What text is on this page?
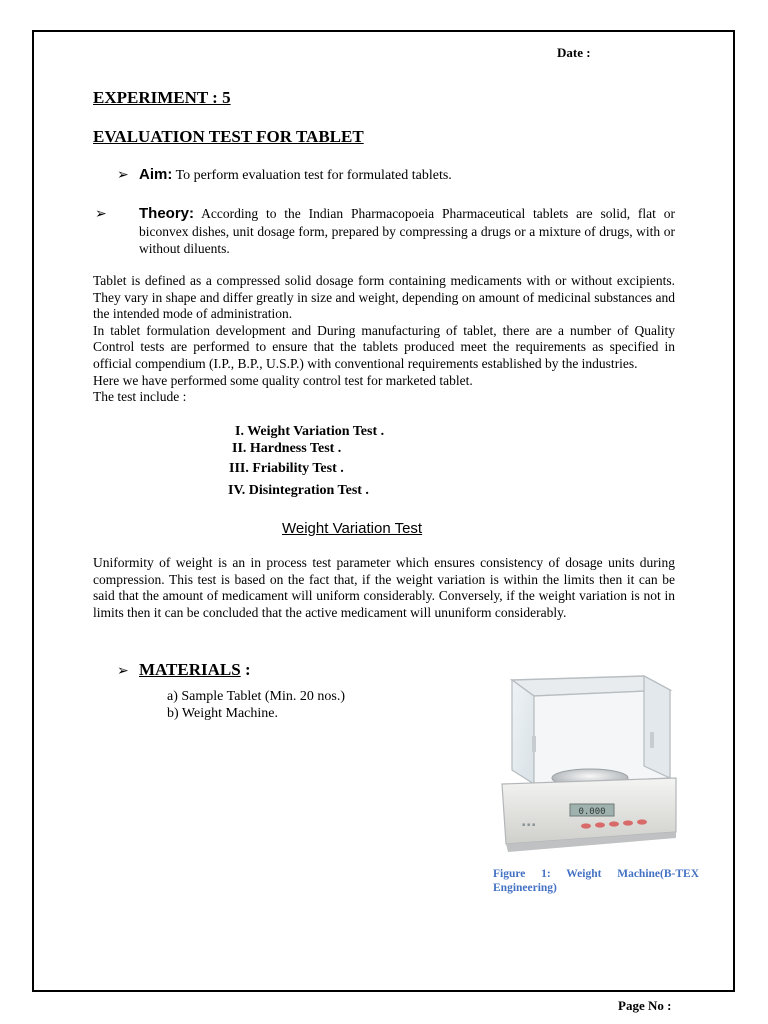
Date :
EXPERIMENT : 5
EVALUATION TEST FOR TABLET
➢ Aim: To perform evaluation test for formulated tablets.
➢ Theory: According to the Indian Pharmacopoeia Pharmaceutical tablets are solid, flat or biconvex dishes, unit dosage form, prepared by compressing a drugs or a mixture of drugs, with or without diluents.
Tablet is defined as a compressed solid dosage form containing medicaments with or without excipients. They vary in shape and differ greatly in size and weight, depending on amount of medicinal substances and the intended mode of administration.
In tablet formulation development and During manufacturing of tablet, there are a number of Quality Control tests are performed to ensure that the tablets produced meet the requirements as specified in official compendium (I.P., B.P., U.S.P.) with conventional requirements established by the industries.
Here we have performed some quality control test for marketed tablet.
The test include :
I. Weight Variation Test .
II. Hardness Test .
III. Friability Test .
IV. Disintegration Test .
Weight Variation Test
Uniformity of weight is an in process test parameter which ensures consistency of dosage units during compression. This test is based on the fact that, if the weight variation is within the limits then it can be said that the amount of medicament will uniform considerably. Conversely, if the weight variation is not in limits then it can be concluded that the active medicament will ununiform considerably.
➢ MATERIALS :
a) Sample Tablet (Min. 20 nos.)
b) Weight Machine.
0.000
▪ ▪ ▪
Figure 1: Weight Machine(B-TEX Engineering)
Page No :
